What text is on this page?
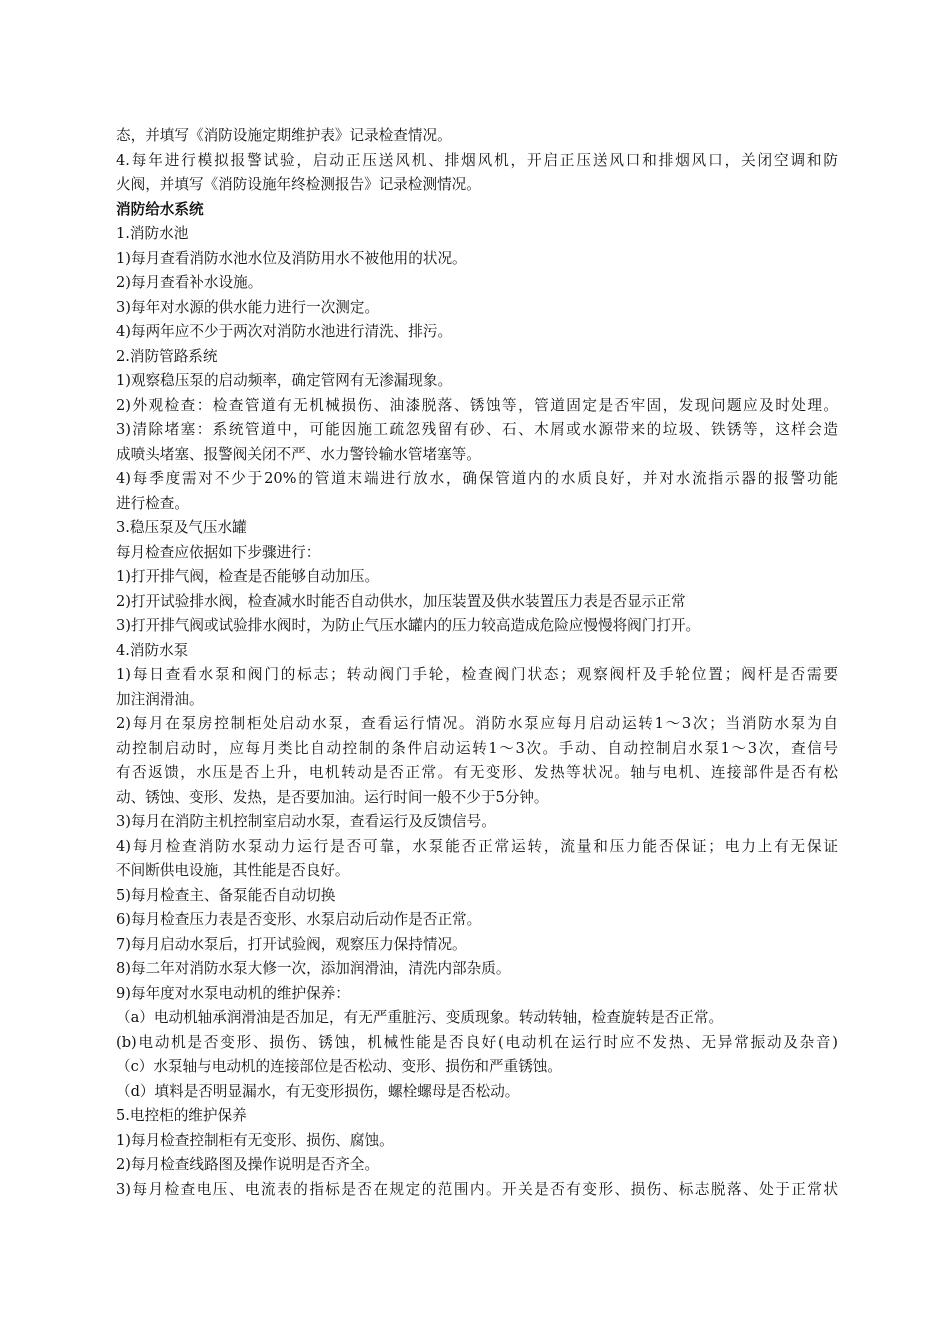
态，并填写《消防设施定期维护表》记录检查情况。
4.每年进行模拟报警试验，启动正压送风机、排烟风机，开启正压送风口和排烟风口，关闭空调和防
火阀，并填写《消防设施年终检测报告》记录检测情况。
消防给水系统
1.消防水池
1)每月查看消防水池水位及消防用水不被他用的状况。
2)每月查看补水设施。
3)每年对水源的供水能力进行一次测定。
4)每两年应不少于两次对消防水池进行清洗、排污。
2.消防管路系统
1)观察稳压泵的启动频率，确定管网有无渗漏现象。
2)外观检查：检查管道有无机械损伤、油漆脱落、锈蚀等，管道固定是否牢固，发现问题应及时处理。
3)清除堵塞：系统管道中，可能因施工疏忽残留有砂、石、木屑或水源带来的垃圾、铁锈等，这样会造
成喷头堵塞、报警阀关闭不严、水力警铃输水管堵塞等。
4)每季度需对不少于20%的管道末端进行放水，确保管道内的水质良好，并对水流指示器的报警功能
进行检查。
3.稳压泵及气压水罐
每月检查应依据如下步骤进行：
1)打开排气阀，检查是否能够自动加压。
2)打开试验排水阀，检查减水时能否自动供水，加压装置及供水装置压力表是否显示正常
3)打开排气阀或试验排水阀时，为防止气压水罐内的压力较高造成危险应慢慢将阀门打开。
4.消防水泵
1)每日查看水泵和阀门的标志；转动阀门手轮，检查阀门状态；观察阀杆及手轮位置；阀杆是否需要
加注润滑油。
2)每月在泵房控制柜处启动水泵，查看运行情况。消防水泵应每月启动运转1～3次；当消防水泵为自
动控制启动时，应每月类比自动控制的条件启动运转1～3次。手动、自动控制启水泵1～3次，查信号
有否返馈，水压是否上升，电机转动是否正常。有无变形、发热等状况。轴与电机、连接部件是否有松
动、锈蚀、变形、发热，是否要加油。运行时间一般不少于5分钟。
3)每月在消防主机控制室启动水泵，查看运行及反馈信号。
4)每月检查消防水泵动力运行是否可靠，水泵能否正常运转，流量和压力能否保证；电力上有无保证
不间断供电设施，其性能是否良好。
5)每月检查主、备泵能否自动切换
6)每月检查压力表是否变形、水泵启动后动作是否正常。
7)每月启动水泵后，打开试验阀，观察压力保持情况。
8)每二年对消防水泵大修一次，添加润滑油，清洗内部杂质。
9)每年度对水泵电动机的维护保养：
（a）电动机轴承润滑油是否加足，有无严重脏污、变质现象。转动转轴，检查旋转是否正常。
(b)电动机是否变形、损伤、锈蚀，机械性能是否良好(电动机在运行时应不发热、无异常振动及杂音)
（c）水泵轴与电动机的连接部位是否松动、变形、损伤和严重锈蚀。
（d）填料是否明显漏水，有无变形损伤，螺栓螺母是否松动。
5.电控柜的维护保养
1)每月检查控制柜有无变形、损伤、腐蚀。
2)每月检查线路图及操作说明是否齐全。
3)每月检查电压、电流表的指标是否在规定的范围内。开关是否有变形、损伤、标志脱落、处于正常状
